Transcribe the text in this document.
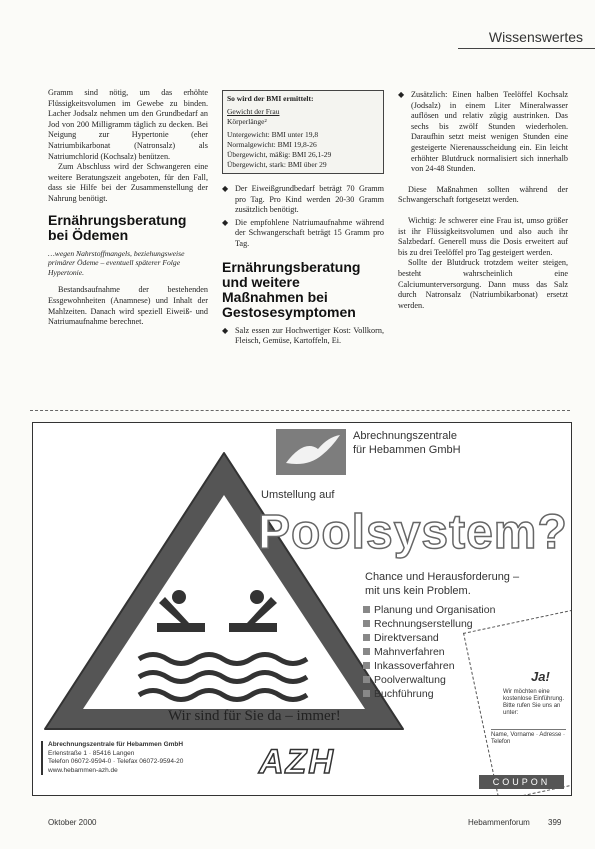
Wissenswertes

Gramm sind nötig, um das erhöhte Flüssigkeitsvolumen im Gewebe zu binden. Lacher Jodsalz nehmen um den Grundbedarf an Jod von 200 Milligramm täglich zu decken. Bei Neigung zur Hypertonie (eher Natriumbikarbonat (Natronsalz) als Natriumchlorid (Kochsalz) benützen.

Zum Abschluss wird der Schwangeren eine weitere Beratungszeit angeboten, für den Fall, dass sie Hilfe bei der Zusammenstellung der Nahrung benötigt.

Ernährungsberatung bei Ödemen

…wegen Nahrstoffmangels, beziehungsweise primärer Ödeme – eventuell späterer Folge Hypertonie.

Bestandsaufnahme der bestehenden Essgewohnheiten (Anamnese) und Inhalt der Mahlzeiten. Danach wird speziell Eiweiß- und Natriumaufnahme berechnet.

So wird der BMI ermittelt:
Gewicht der Frau
Körperlänge²
Untergewicht: BMI unter 19,8
Normalgewicht: BMI 19,8-26
Übergewicht, mäßig: BMI 26,1-29
Übergewicht, stark: BMI über 29
◆ Der Eiweißgrundbedarf beträgt 70 Gramm pro Tag. Pro Kind werden 20-30 Gramm zusätzlich benötigt.
◆ Die empfohlene Natriumaufnahme während der Schwangerschaft beträgt 15 Gramm pro Tag.
Ernährungsberatung und weitere Maßnahmen bei Gestosesymptomen
◆ Salz essen zur Hochwertiger Kost: Vollkorn, Fleisch, Gemüse, Kartoffeln, Ei.
◆ Zusätzlich: Einen halben Teelöffel Kochsalz (Jodsalz) in einem Liter Mineralwasser auflösen und relativ zügig austrinken. Das sechs bis zwölf Stunden wiederholen. Daraufhin setzt meist wenigen Stunden eine gesteigerte Nierenausscheidung ein. Ein leicht erhöhter Blutdruck normalisiert sich innerhalb von 24-48 Stunden.

Diese Maßnahmen sollten während der Schwangerschaft fortgesetzt werden.

Wichtig: Je schwerer eine Frau ist, umso größer ist ihr Flüssigkeitsvolumen und also auch ihr Salzbedarf. Generell muss die Dosis erweitert auf bis zu drei Teelöffel pro Tag gesteigert werden.

Sollte der Blutdruck trotzdem weiter steigen, besteht wahrscheinlich eine Calciumunterversorgung. Dann muss das Salz durch Natronsalz (Natriumbikarbonat) ersetzt werden.

Abrechnungszentrale
für Hebammen GmbH
Umstellung auf
Poolsystem?
Chance und Herausforderung –
mit uns kein Problem.
Planung und Organisation
Rechnungserstellung
Direktversand
Mahnverfahren
Inkassoverfahren
Poolverwaltung
Buchführung
Wir sind für Sie da – immer!
Abrechnungszentrale für Hebammen GmbH
Erlenstraße 1 · 85416 Langen
Telefon 06072-9594-0 · Telefax 06072-9594-20
www.hebammen-azh.de	AZH
Ja!
Wir möchten eine kostenlose Einführung. Bitte rufen Sie uns an unter:
Name, Vorname · Adresse · Telefon
COUPON
Oktober 2000	Hebammenforum 399
